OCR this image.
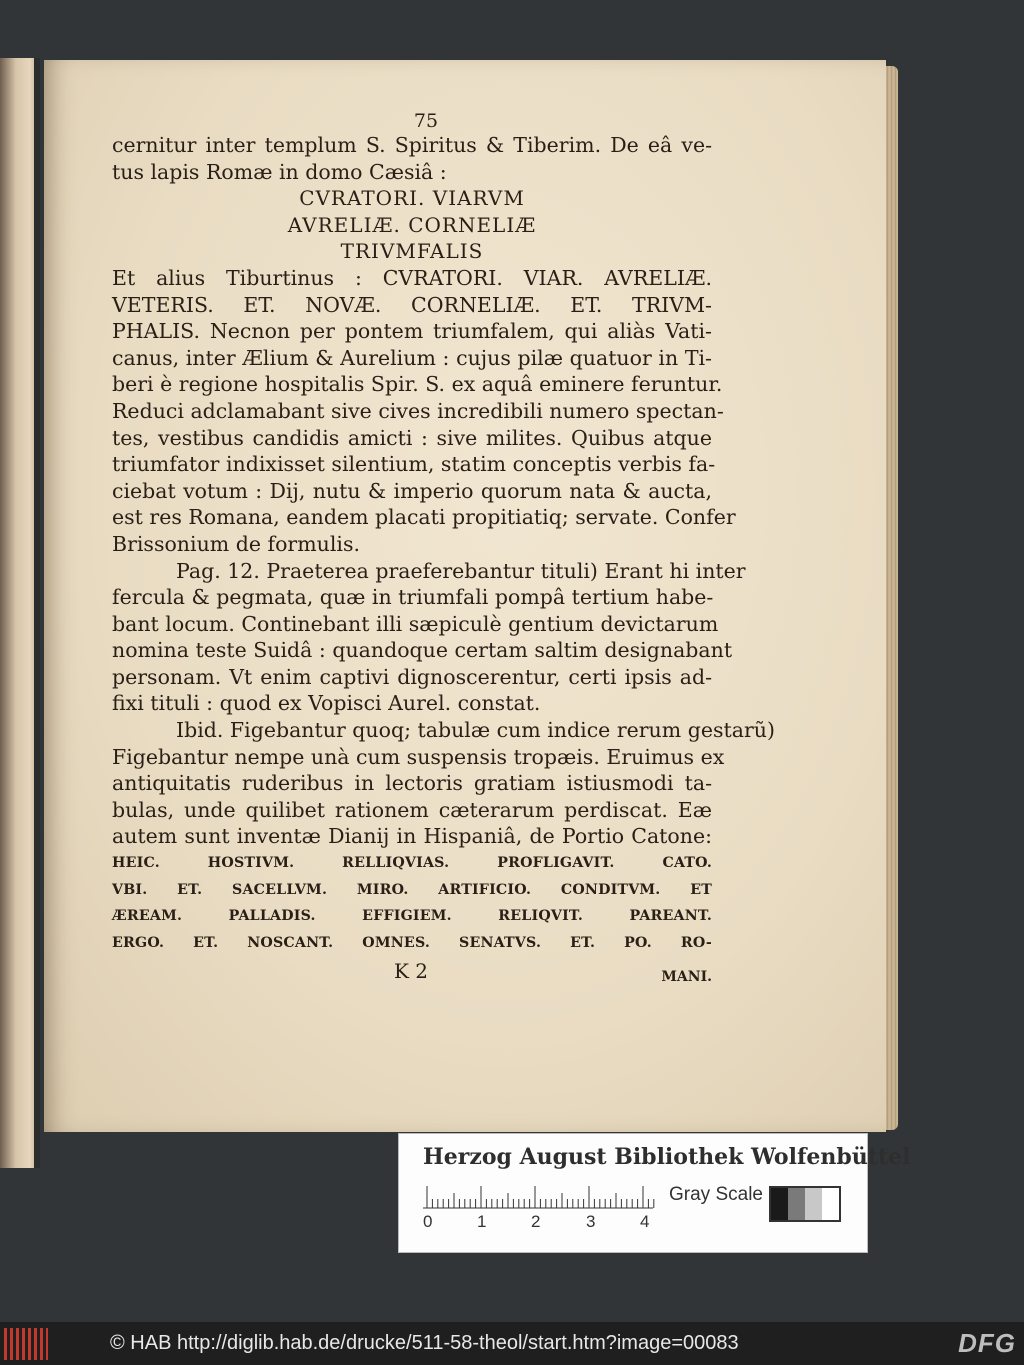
75
cernitur inter templum S. Spiritus & Tiberim. De eâ ve-
tus lapis Romæ in domo Cæsiâ :
CVRATORI. VIARVM
AVRELIÆ. CORNELIÆ
TRIVMFALIS
Et alius Tiburtinus : CVRATORI. VIAR. AVRELIÆ.
VETERIS. ET. NOVÆ. CORNELIÆ. ET. TRIVM-
PHALIS. Necnon per pontem triumfalem, qui aliàs Vati-
canus, inter Ælium & Aurelium : cujus pilæ quatuor in Ti-
beri è regione hospitalis Spir. S. ex aquâ eminere feruntur.
Reduci adclamabant sive cives incredibili numero spectan-
tes, vestibus candidis amicti : sive milites. Quibus atque
triumfator indixisset silentium, statim conceptis verbis fa-
ciebat votum : Dij, nutu & imperio quorum nata & aucta,
est res Romana, eandem placati propitiatiq; servate. Confer
Brissonium de formulis.
Pag. 12. Praeterea praeferebantur tituli) Erant hi inter
fercula & pegmata, quæ in triumfali pompâ tertium habe-
bant locum. Continebant illi sæpiculè gentium devictarum
nomina teste Suidâ : quandoque certam saltim designabant
personam. Vt enim captivi dignoscerentur, certi ipsis ad-
fixi tituli : quod ex Vopisci Aurel. constat.
Ibid. Figebantur quoq; tabulæ cum indice rerum gestarũ)
Figebantur nempe unà cum suspensis tropæis. Eruimus ex
antiquitatis ruderibus in lectoris gratiam istiusmodi ta-
bulas, unde quilibet rationem cæterarum perdiscat. Eæ
autem sunt inventæ Dianij in Hispaniâ, de Portio Catone:
HEIC. HOSTIVM. RELLIQVIAS. PROFLIGAVIT. CATO.
VBI. ET. SACELLVM. MIRO. ARTIFICIO. CONDITVM. ET
ÆREAM. PALLADIS. EFFIGIEM. RELIQVIT. PAREANT.
ERGO. ET. NOSCANT. OMNES. SENATVS. ET. PO. RO-
K 2	MANI.
Herzog August Bibliothek Wolfenbüttel
0	1	2	3	4
Gray Scale
© HAB http://diglib.hab.de/drucke/511-58-theol/start.htm?image=00083	DFG
